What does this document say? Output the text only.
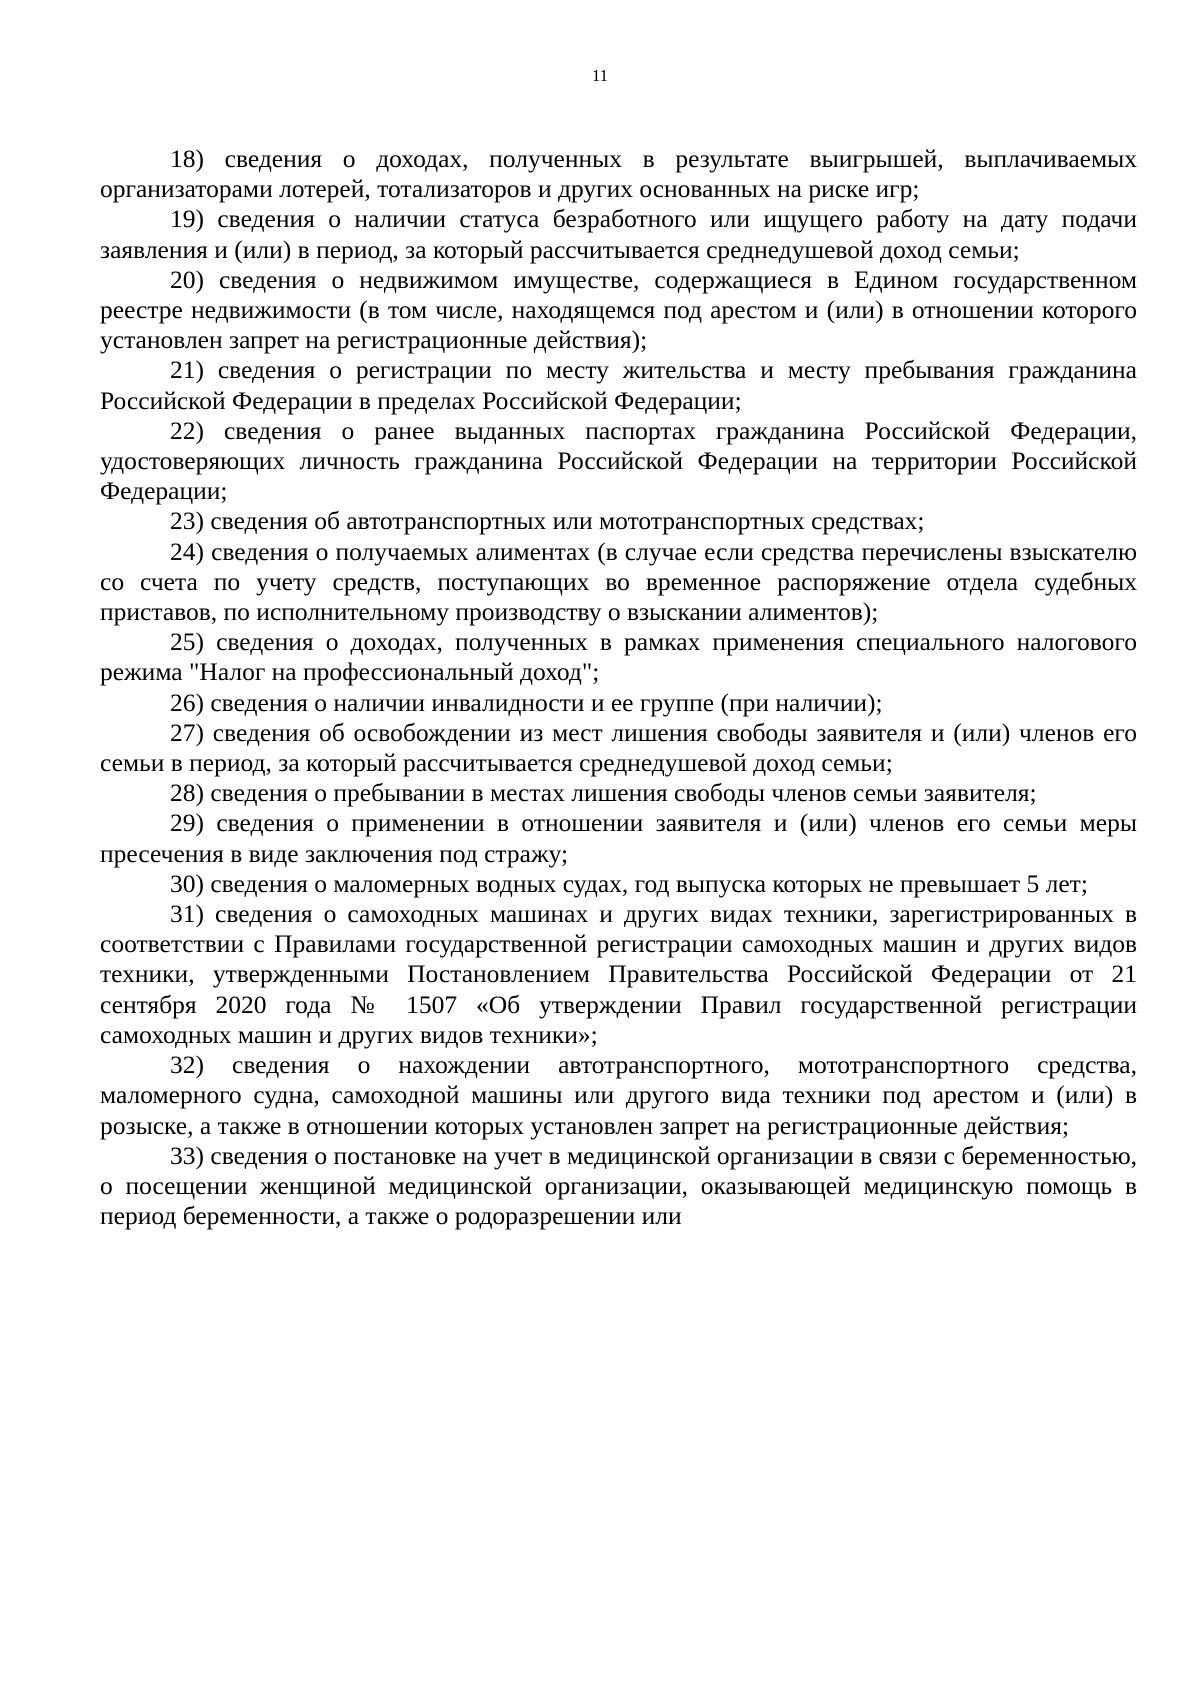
11

18) сведения о доходах, полученных в результате выигрышей, выплачиваемых организаторами лотерей, тотализаторов и других основанных на риске игр;

19) сведения о наличии статуса безработного или ищущего работу на дату подачи заявления и (или) в период, за который рассчитывается среднедушевой доход семьи;

20) сведения о недвижимом имуществе, содержащиеся в Едином государственном реестре недвижимости (в том числе, находящемся под арестом и (или) в отношении которого установлен запрет на регистрационные действия);

21) сведения о регистрации по месту жительства и месту пребывания гражданина Российской Федерации в пределах Российской Федерации;

22) сведения о ранее выданных паспортах гражданина Российской Федерации, удостоверяющих личность гражданина Российской Федерации на территории Российской Федерации;

23) сведения об автотранспортных или мототранспортных средствах;

24) сведения о получаемых алиментах (в случае если средства перечислены взыскателю со счета по учету средств, поступающих во временное распоряжение отдела судебных приставов, по исполнительному производству о взыскании алиментов);

25) сведения о доходах, полученных в рамках применения специального налогового режима "Налог на профессиональный доход";

26) сведения о наличии инвалидности и ее группе (при наличии);

27) сведения об освобождении из мест лишения свободы заявителя и (или) членов его семьи в период, за который рассчитывается среднедушевой доход семьи;

28) сведения о пребывании в местах лишения свободы членов семьи заявителя;

29) сведения о применении в отношении заявителя и (или) членов его семьи меры пресечения в виде заключения под стражу;

30) сведения о маломерных водных судах, год выпуска которых не превышает 5 лет;

31) сведения о самоходных машинах и других видах техники, зарегистрированных в соответствии с Правилами государственной регистрации самоходных машин и других видов техники, утвержденными Постановлением Правительства Российской Федерации от 21 сентября 2020 года № 1507 «Об утверждении Правил государственной регистрации самоходных машин и других видов техники»;

32) сведения о нахождении автотранспортного, мототранспортного средства, маломерного судна, самоходной машины или другого вида техники под арестом и (или) в розыске, а также в отношении которых установлен запрет на регистрационные действия;

33) сведения о постановке на учет в медицинской организации в связи с беременностью, о посещении женщиной медицинской организации, оказывающей медицинскую помощь в период беременности, а также о родоразрешении или
